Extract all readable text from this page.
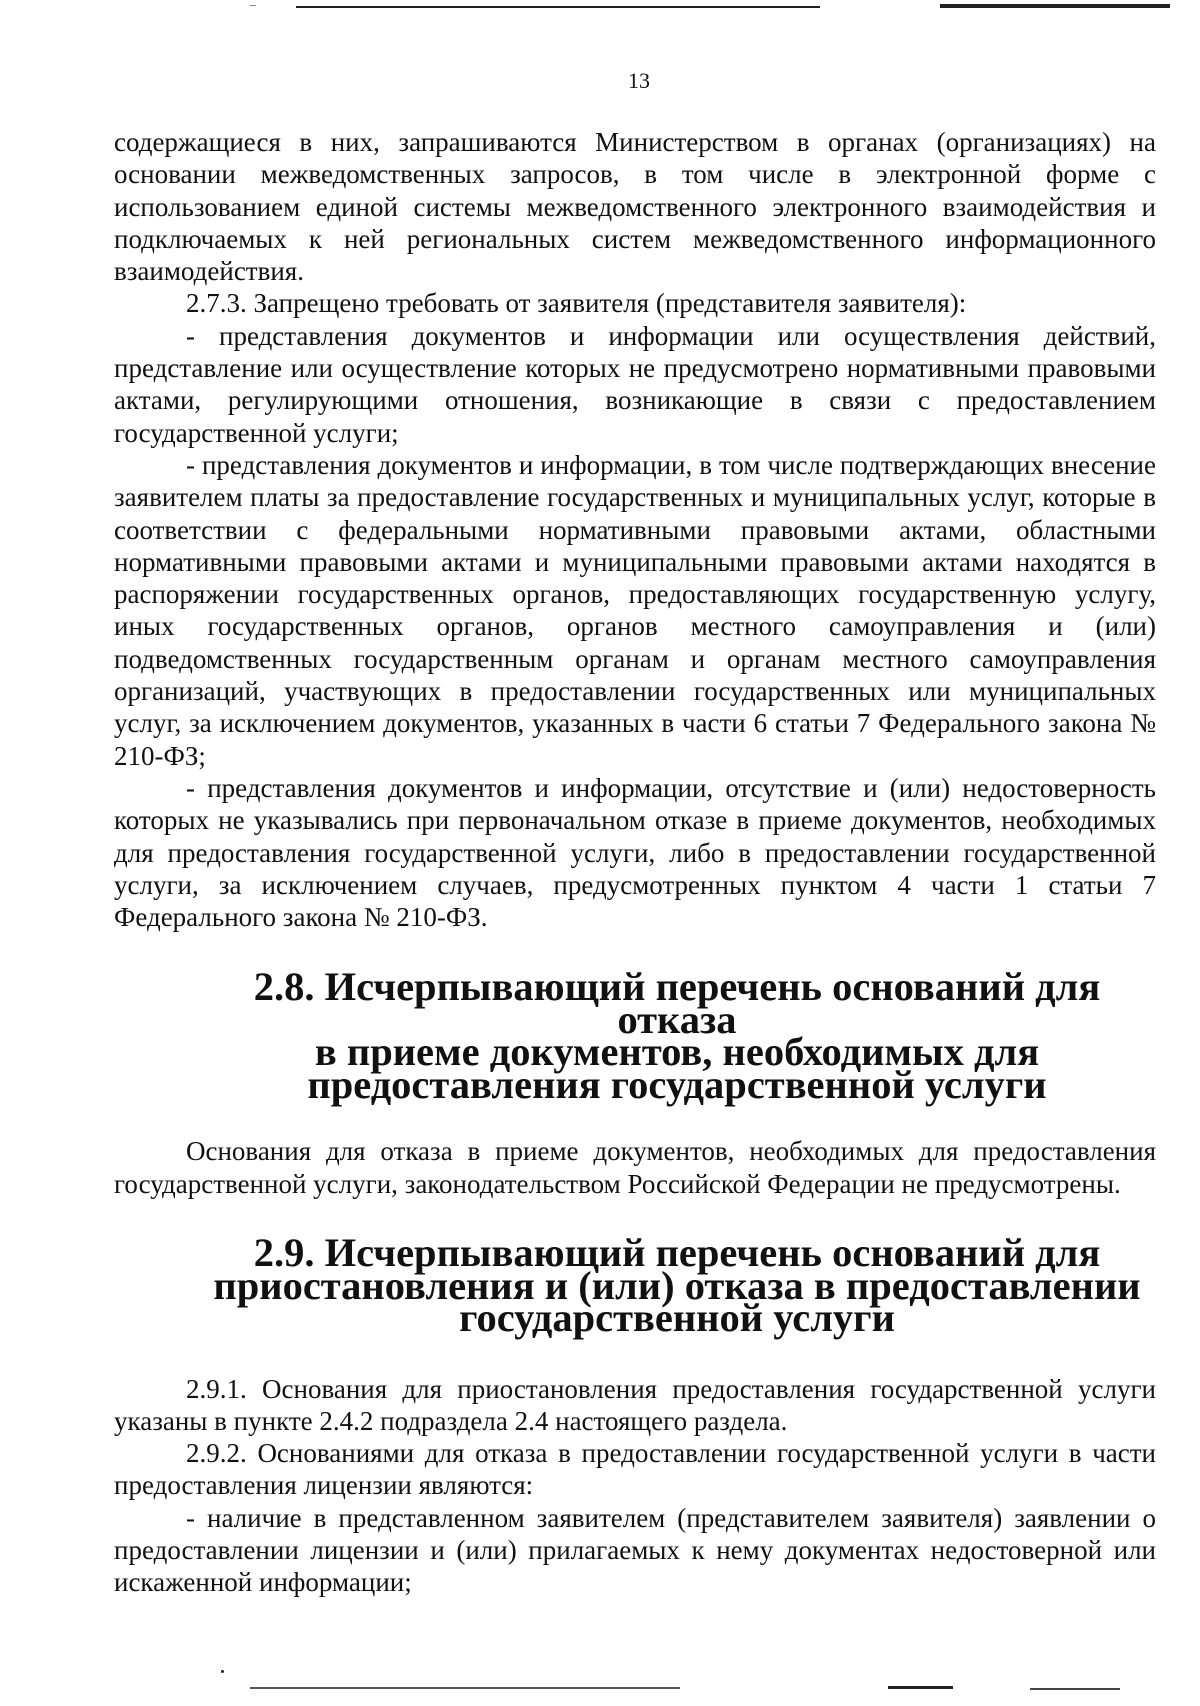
13

содержащиеся в них, запрашиваются Министерством в органах (организациях) на основании межведомственных запросов, в том числе в электронной форме с использованием единой системы межведомственного электронного взаимодействия и подключаемых к ней региональных систем межведомственного информационного взаимодействия.

2.7.3. Запрещено требовать от заявителя (представителя заявителя):

- представления документов и информации или осуществления действий, представление или осуществление которых не предусмотрено нормативными правовыми актами, регулирующими отношения, возникающие в связи с предоставлением государственной услуги;

- представления документов и информации, в том числе подтверждающих внесение заявителем платы за предоставление государственных и муниципальных услуг, которые в соответствии с федеральными нормативными правовыми актами, областными нормативными правовыми актами и муниципальными правовыми актами находятся в распоряжении государственных органов, предоставляющих государственную услугу, иных государственных органов, органов местного самоуправления и (или) подведомственных государственным органам и органам местного самоуправления организаций, участвующих в предоставлении государственных или муниципальных услуг, за исключением документов, указанных в части 6 статьи 7 Федерального закона № 210-ФЗ;

- представления документов и информации, отсутствие и (или) недостоверность которых не указывались при первоначальном отказе в приеме документов, необходимых для предоставления государственной услуги, либо в предоставлении государственной услуги, за исключением случаев, предусмотренных пунктом 4 части 1 статьи 7 Федерального закона № 210-ФЗ.

2.8. Исчерпывающий перечень оснований для отказа
в приеме документов, необходимых для
предоставления государственной услуги

Основания для отказа в приеме документов, необходимых для предоставления государственной услуги, законодательством Российской Федерации не предусмотрены.

2.9. Исчерпывающий перечень оснований для
приостановления и (или) отказа в предоставлении
государственной услуги

2.9.1. Основания для приостановления предоставления государственной услуги указаны в пункте 2.4.2 подраздела 2.4 настоящего раздела.

2.9.2. Основаниями для отказа в предоставлении государственной услуги в части предоставления лицензии являются:

- наличие в представленном заявителем (представителем заявителя) заявлении о предоставлении лицензии и (или) прилагаемых к нему документах недостоверной или искаженной информации;
